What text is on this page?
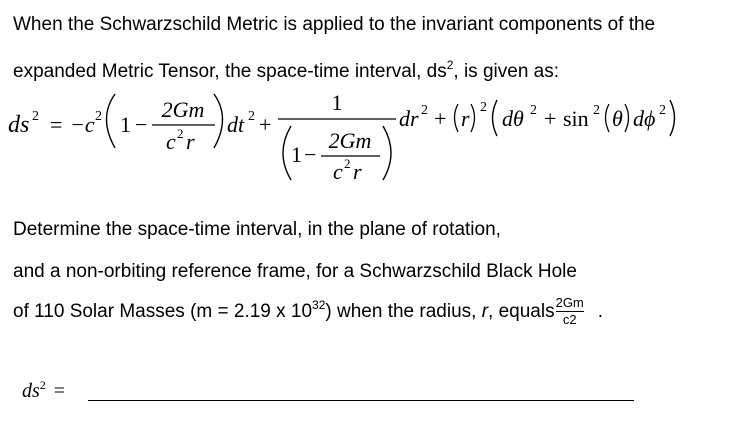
When the Schwarzschild Metric is applied to the invariant components of the
expanded Metric Tensor, the space-time interval, $ds^2$, is given as:
ds 2 = −c 2 1 −
2Gm
c 2 r
dt 2 +
1
1 −
2Gm
c 2 r
dr 2 + r 2 dθ 2 + sin 2 θ dϕ 2
Determine the space-time interval, in the plane of rotation,
and a non-orbiting reference frame, for a Schwarzschild Black Hole
of 110 Solar Masses (m = 2.19 x $10^{32}$) when the radius, r, equals $\frac{2Gm}{c2}$ .
$ds^2$ =
